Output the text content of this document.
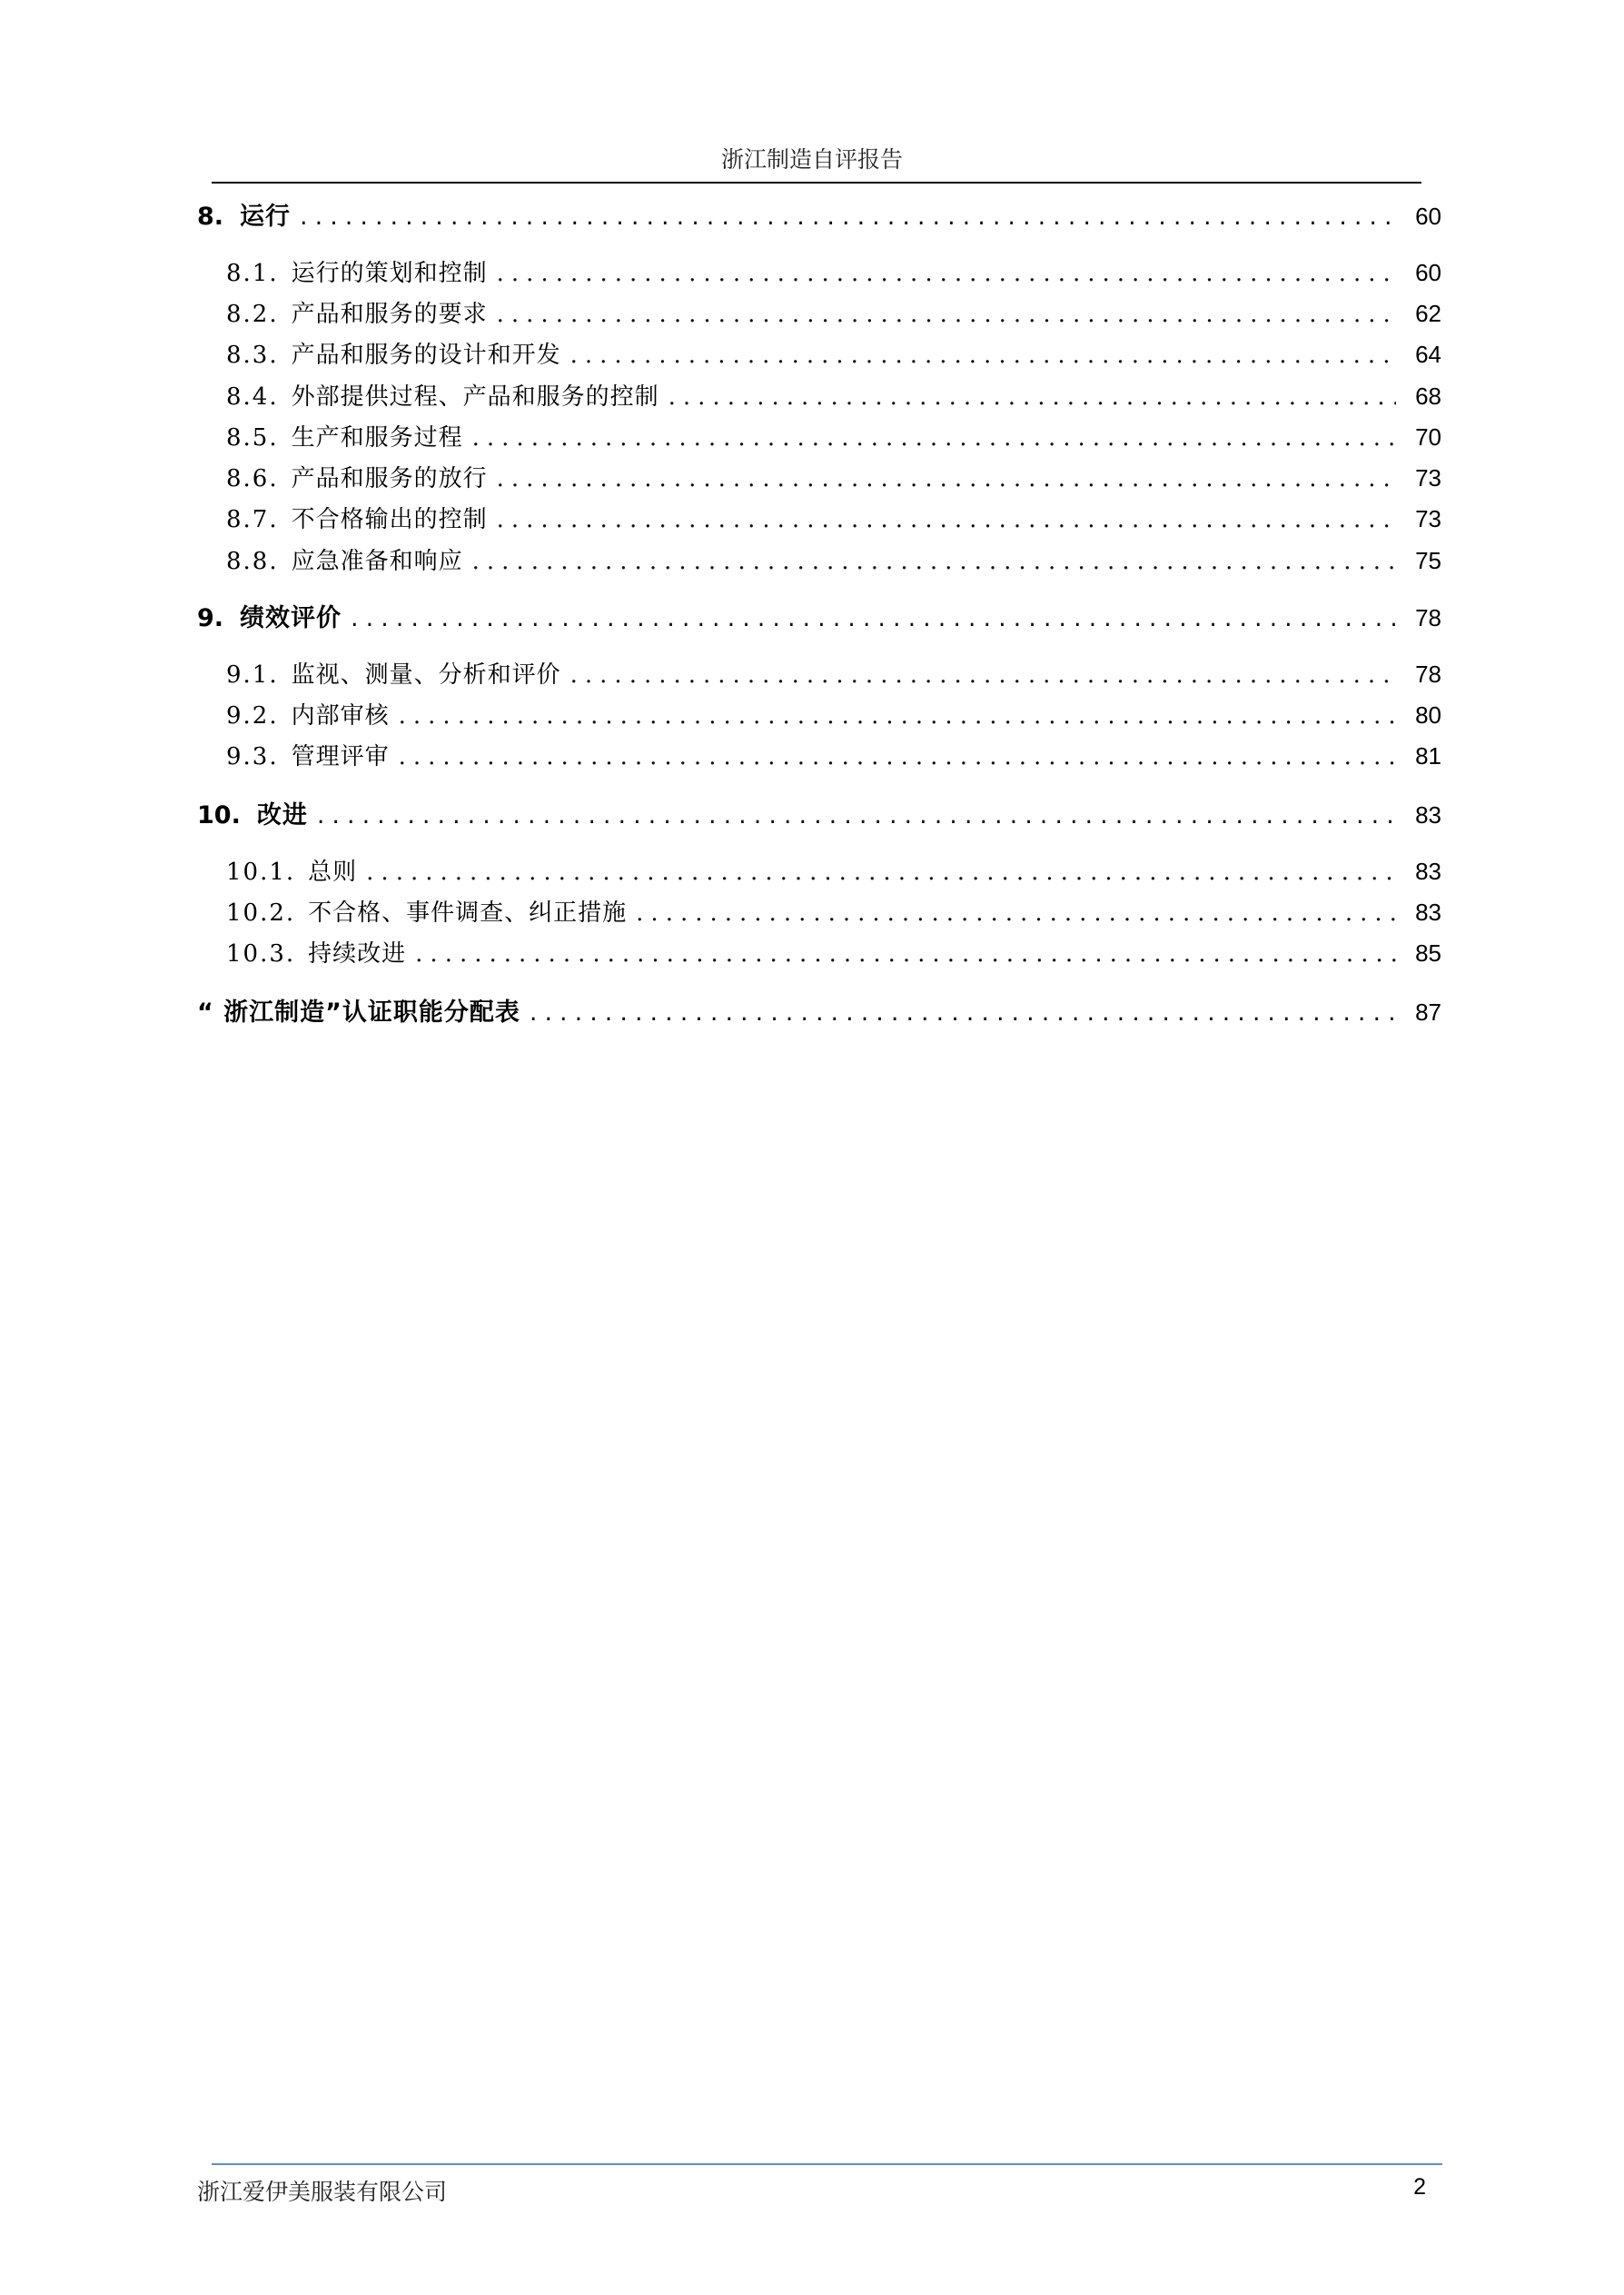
浙江制造自评报告
8. 运行 .....	60
8.1. 运行的策划和控制 .....	60
8.2. 产品和服务的要求 .....	62
8.3. 产品和服务的设计和开发 .....	64
8.4. 外部提供过程、产品和服务的控制 .....	68
8.5. 生产和服务过程 .....	70
8.6. 产品和服务的放行 .....	73
8.7. 不合格输出的控制 .....	73
8.8. 应急准备和响应 .....	75
9. 绩效评价 .....	78
9.1. 监视、测量、分析和评价 .....	78
9.2. 内部审核 .....	80
9.3. 管理评审 .....	81
10. 改进 .....	83
10.1. 总则 .....	83
10.2. 不合格、事件调查、纠正措施 .....	83
10.3. 持续改进 .....	85
“ 浙江制造”认证职能分配表 .....	87
浙江爱伊美服装有限公司	2
